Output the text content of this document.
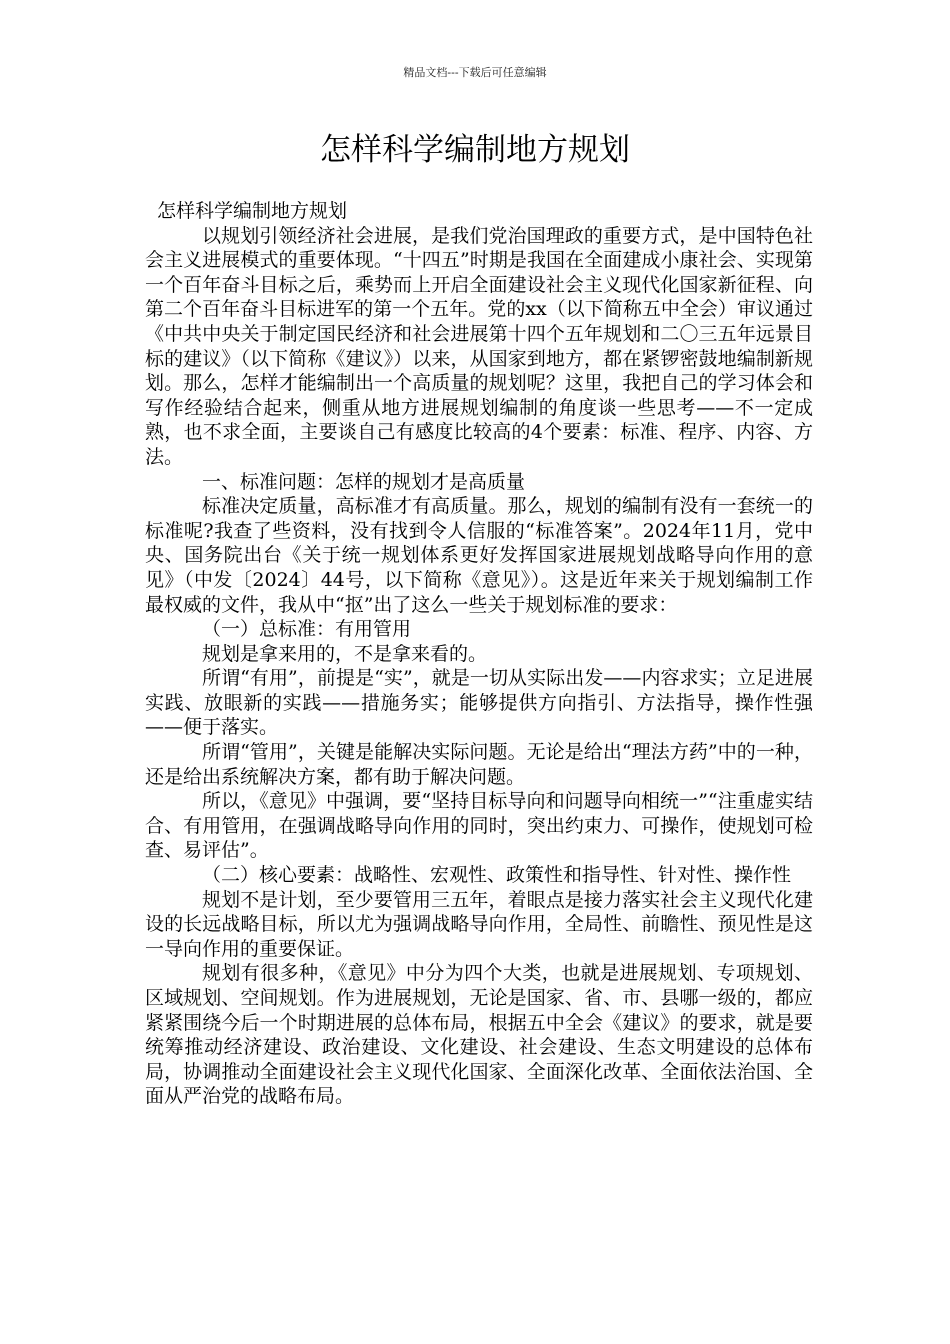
精品文档---下载后可任意编辑
怎样科学编制地方规划

怎样科学编制地方规划

以规划引领经济社会进展，是我们党治国理政的重要方式，是中国特色社会主义进展模式的重要体现。“十四五”时期是我国在全面建成小康社会、实现第一个百年奋斗目标之后，乘势而上开启全面建设社会主义现代化国家新征程、向第二个百年奋斗目标进军的第一个五年。党的xx（以下简称五中全会）审议通过《中共中央关于制定国民经济和社会进展第十四个五年规划和二〇三五年远景目标的建议》（以下简称《建议》）以来，从国家到地方，都在紧锣密鼓地编制新规划。那么，怎样才能编制出一个高质量的规划呢？这里，我把自己的学习体会和写作经验结合起来，侧重从地方进展规划编制的角度谈一些思考——不一定成熟，也不求全面，主要谈自己有感度比较高的4个要素：标准、程序、内容、方法。

一、标准问题：怎样的规划才是高质量

标准决定质量，高标准才有高质量。那么，规划的编制有没有一套统一的标准呢?我查了些资料，没有找到令人信服的“标准答案”。2024年11月，党中央、国务院出台《关于统一规划体系更好发挥国家进展规划战略导向作用的意见》（中发〔2024〕44号，以下简称《意见》）。这是近年来关于规划编制工作最权威的文件，我从中“抠”出了这么一些关于规划标准的要求：

（一）总标准：有用管用

规划是拿来用的，不是拿来看的。

所谓“有用”，前提是“实”，就是一切从实际出发——内容求实；立足进展实践、放眼新的实践——措施务实；能够提供方向指引、方法指导，操作性强——便于落实。

所谓“管用”，关键是能解决实际问题。无论是给出“理法方药”中的一种，还是给出系统解决方案，都有助于解决问题。

所以，《意见》中强调，要“坚持目标导向和问题导向相统一”“注重虚实结合、有用管用，在强调战略导向作用的同时，突出约束力、可操作，使规划可检查、易评估”。

（二）核心要素：战略性、宏观性、政策性和指导性、针对性、操作性

规划不是计划，至少要管用三五年，着眼点是接力落实社会主义现代化建设的长远战略目标，所以尤为强调战略导向作用，全局性、前瞻性、预见性是这一导向作用的重要保证。

规划有很多种，《意见》中分为四个大类，也就是进展规划、专项规划、区域规划、空间规划。作为进展规划，无论是国家、省、市、县哪一级的，都应紧紧围绕今后一个时期进展的总体布局，根据五中全会《建议》的要求，就是要统筹推动经济建设、政治建设、文化建设、社会建设、生态文明建设的总体布局，协调推动全面建设社会主义现代化国家、全面深化改革、全面依法治国、全面从严治党的战略布局。
